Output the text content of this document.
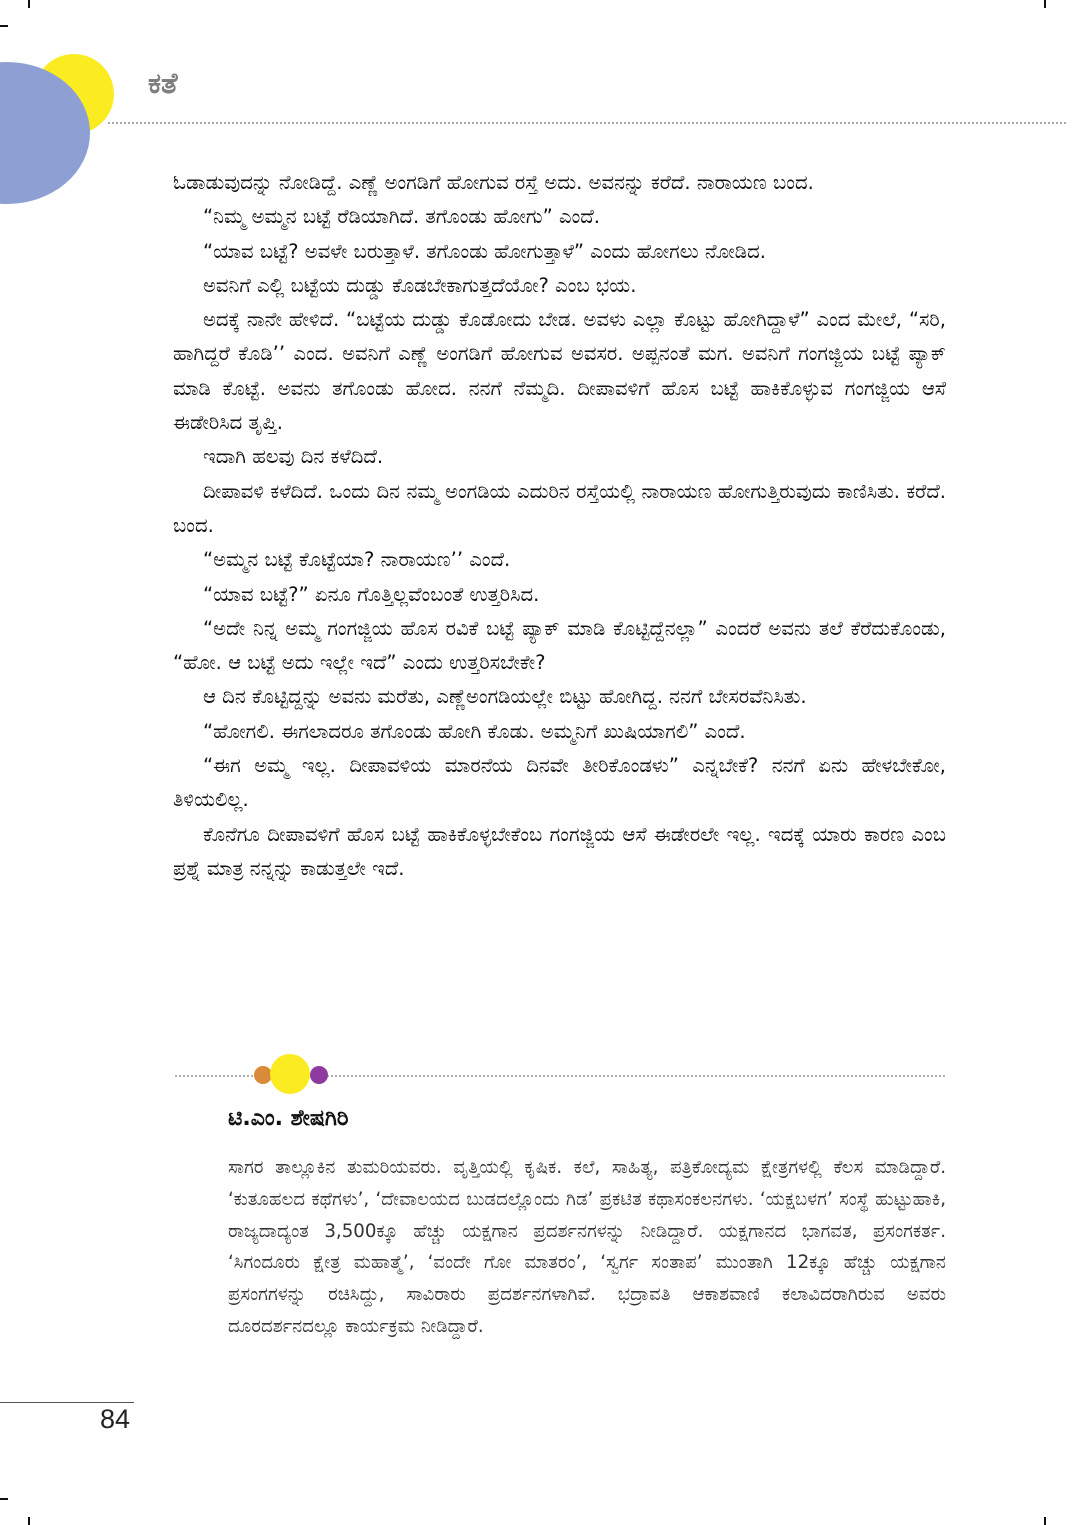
ಕತೆ

ಓಡಾಡುವುದನ್ನು ನೋಡಿದ್ದೆ. ಎಣ್ಣೆ ಅಂಗಡಿಗೆ ಹೋಗುವ ರಸ್ತೆ ಅದು. ಅವನನ್ನು ಕರೆದೆ. ನಾರಾಯಣ ಬಂದ.

“ನಿಮ್ಮ ಅಮ್ಮನ ಬಟ್ಟೆ ರೆಡಿಯಾಗಿದೆ. ತಗೊಂಡು ಹೋಗು” ಎಂದೆ.

“ಯಾವ ಬಟ್ಟೆ? ಅವಳೇ ಬರುತ್ತಾಳೆ. ತಗೊಂಡು ಹೋಗುತ್ತಾಳೆ” ಎಂದು ಹೋಗಲು ನೋಡಿದ.

ಅವನಿಗೆ ಎಲ್ಲಿ ಬಟ್ಟೆಯ ದುಡ್ಡು ಕೊಡಬೇಕಾಗುತ್ತದೆಯೋ? ಎಂಬ ಭಯ.

ಅದಕ್ಕೆ ನಾನೇ ಹೇಳಿದೆ. “ಬಟ್ಟೆಯ ದುಡ್ಡು ಕೊಡೋದು ಬೇಡ. ಅವಳು ಎಲ್ಲಾ ಕೊಟ್ಟು ಹೋಗಿದ್ದಾಳೆ” ಎಂದ ಮೇಲೆ, “ಸರಿ, ಹಾಗಿದ್ದರೆ ಕೊಡಿ’’ ಎಂದ. ಅವನಿಗೆ ಎಣ್ಣೆ ಅಂಗಡಿಗೆ ಹೋಗುವ ಅವಸರ. ಅಪ್ಪನಂತೆ ಮಗ. ಅವನಿಗೆ ಗಂಗಜ್ಜಿಯ ಬಟ್ಟೆ ಪ್ಯಾಕ್ ಮಾಡಿ ಕೊಟ್ಟೆ. ಅವನು ತಗೊಂಡು ಹೋದ. ನನಗೆ ನೆಮ್ಮದಿ. ದೀಪಾವಳಿಗೆ ಹೊಸ ಬಟ್ಟೆ ಹಾಕಿಕೊಳ್ಳುವ ಗಂಗಜ್ಜಿಯ ಆಸೆ ಈಡೇರಿಸಿದ ತೃಪ್ತಿ.

ಇದಾಗಿ ಹಲವು ದಿನ ಕಳೆದಿದೆ.

ದೀಪಾವಳಿ ಕಳೆದಿದೆ. ಒಂದು ದಿನ ನಮ್ಮ ಅಂಗಡಿಯ ಎದುರಿನ ರಸ್ತೆಯಲ್ಲಿ ನಾರಾಯಣ ಹೋಗುತ್ತಿರುವುದು ಕಾಣಿಸಿತು. ಕರೆದೆ. ಬಂದ.

“ಅಮ್ಮನ ಬಟ್ಟೆ ಕೊಟ್ಟೆಯಾ? ನಾರಾಯಣ’’ ಎಂದೆ.

“ಯಾವ ಬಟ್ಟೆ?” ಏನೂ ಗೊತ್ತಿಲ್ಲವೆಂಬಂತೆ ಉತ್ತರಿಸಿದ.

“ಅದೇ ನಿನ್ನ ಅಮ್ಮ ಗಂಗಜ್ಜಿಯ ಹೊಸ ರವಿಕೆ ಬಟ್ಟೆ ಪ್ಯಾಕ್ ಮಾಡಿ ಕೊಟ್ಟಿದ್ದೆನಲ್ಲಾ” ಎಂದರೆ ಅವನು ತಲೆ ಕೆರೆದುಕೊಂಡು, “ಹೋ. ಆ ಬಟ್ಟೆ ಅದು ಇಲ್ಲೇ ಇದೆ” ಎಂದು ಉತ್ತರಿಸಬೇಕೇ?

ಆ ದಿನ ಕೊಟ್ಟಿದ್ದನ್ನು ಅವನು ಮರೆತು, ಎಣ್ಣೆಅಂಗಡಿಯಲ್ಲೇ ಬಿಟ್ಟು ಹೋಗಿದ್ದ. ನನಗೆ ಬೇಸರವೆನಿಸಿತು.

“ಹೋಗಲಿ. ಈಗಲಾದರೂ ತಗೊಂಡು ಹೋಗಿ ಕೊಡು. ಅಮ್ಮನಿಗೆ ಖುಷಿಯಾಗಲಿ” ಎಂದೆ.

“ಈಗ ಅಮ್ಮ ಇಲ್ಲ. ದೀಪಾವಳಿಯ ಮಾರನೆಯ ದಿನವೇ ತೀರಿಕೊಂಡಳು” ಎನ್ನಬೇಕೆ? ನನಗೆ ಏನು ಹೇಳಬೇಕೋ, ತಿಳಿಯಲಿಲ್ಲ.

ಕೊನೆಗೂ ದೀಪಾವಳಿಗೆ ಹೊಸ ಬಟ್ಟೆ ಹಾಕಿಕೊಳ್ಳಬೇಕೆಂಬ ಗಂಗಜ್ಜಿಯ ಆಸೆ ಈಡೇರಲೇ ಇಲ್ಲ. ಇದಕ್ಕೆ ಯಾರು ಕಾರಣ ಎಂಬ ಪ್ರಶ್ನೆ ಮಾತ್ರ ನನ್ನನ್ನು ಕಾಡುತ್ತಲೇ ಇದೆ.

ಟಿ.ಎಂ. ಶೇಷಗಿರಿ

ಸಾಗರ ತಾಲ್ಲೂಕಿನ ತುಮರಿಯವರು. ವೃತ್ತಿಯಲ್ಲಿ ಕೃಷಿಕ. ಕಲೆ, ಸಾಹಿತ್ಯ, ಪತ್ರಿಕೋದ್ಯಮ ಕ್ಷೇತ್ರಗಳಲ್ಲಿ ಕೆಲಸ ಮಾಡಿದ್ದಾರೆ. ‘ಕುತೂಹಲದ ಕಥೆಗಳು’, ‘ದೇವಾಲಯದ ಬುಡದಲ್ಲೊಂದು ಗಿಡ’ ಪ್ರಕಟಿತ ಕಥಾಸಂಕಲನಗಳು. ‘ಯಕ್ಷಬಳಗ’ ಸಂಸ್ಥೆ ಹುಟ್ಟುಹಾಕಿ, ರಾಜ್ಯದಾದ್ಯಂತ 3,500ಕ್ಕೂ ಹೆಚ್ಚು ಯಕ್ಷಗಾನ ಪ್ರದರ್ಶನಗಳನ್ನು ನೀಡಿದ್ದಾರೆ. ಯಕ್ಷಗಾನದ ಭಾಗವತ, ಪ್ರಸಂಗಕರ್ತ. ‘ಸಿಗಂದೂರು ಕ್ಷೇತ್ರ ಮಹಾತ್ಮೆ’, ‘ವಂದೇ ಗೋ ಮಾತರಂ’, ‘ಸ್ವರ್ಗ ಸಂತಾಪ’ ಮುಂತಾಗಿ 12ಕ್ಕೂ ಹೆಚ್ಚು ಯಕ್ಷಗಾನ ಪ್ರಸಂಗಗಳನ್ನು ರಚಿಸಿದ್ದು, ಸಾವಿರಾರು ಪ್ರದರ್ಶನಗಳಾಗಿವೆ. ಭದ್ರಾವತಿ ಆಕಾಶವಾಣಿ ಕಲಾವಿದರಾಗಿರುವ ಅವರು ದೂರದರ್ಶನದಲ್ಲೂ ಕಾರ್ಯಕ್ರಮ ನೀಡಿದ್ದಾರೆ.

84
